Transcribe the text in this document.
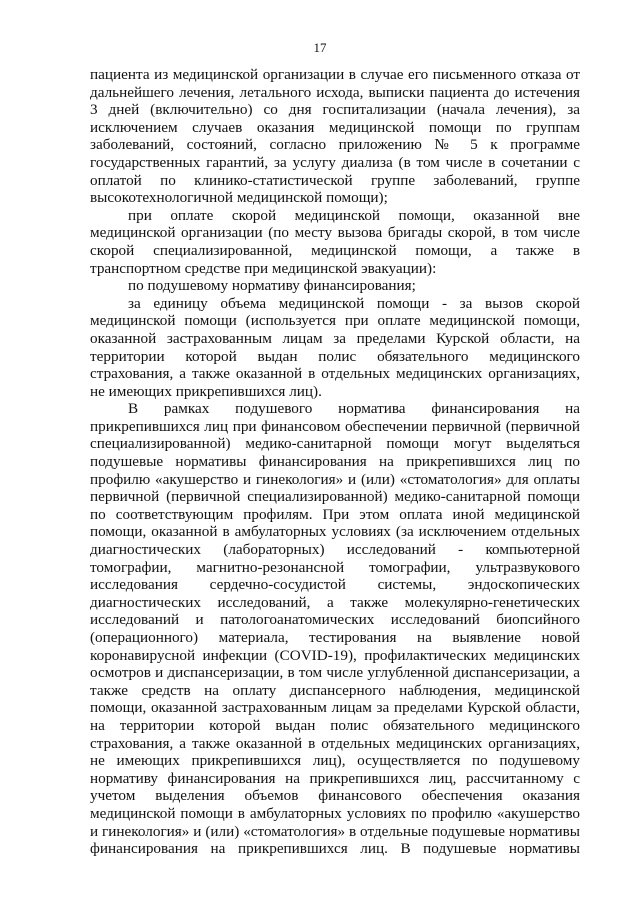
17

пациента из медицинской организации в случае его письменного отказа от дальнейшего лечения, летального исхода, выписки пациента до истечения 3 дней (включительно) со дня госпитализации (начала лечения), за исключением случаев оказания медицинской помощи по группам заболеваний, состояний, согласно приложению № 5 к программе государственных гарантий, за услугу диализа (в том числе в сочетании с оплатой по клинико-статистической группе заболеваний, группе высокотехнологичной медицинской помощи);

при оплате скорой медицинской помощи, оказанной вне медицинской организации (по месту вызова бригады скорой, в том числе скорой специализированной, медицинской помощи, а также в транспортном средстве при медицинской эвакуации):

по подушевому нормативу финансирования;

за единицу объема медицинской помощи - за вызов скорой медицинской помощи (используется при оплате медицинской помощи, оказанной застрахованным лицам за пределами Курской области, на территории которой выдан полис обязательного медицинского страхования, а также оказанной в отдельных медицинских организациях, не имеющих прикрепившихся лиц).

В рамках подушевого норматива финансирования на прикрепившихся лиц при финансовом обеспечении первичной (первичной специализированной) медико-санитарной помощи могут выделяться подушевые нормативы финансирования на прикрепившихся лиц по профилю «акушерство и гинекология» и (или) «стоматология» для оплаты первичной (первичной специализированной) медико-санитарной помощи по соответствующим профилям. При этом оплата иной медицинской помощи, оказанной в амбулаторных условиях (за исключением отдельных диагностических (лабораторных) исследований - компьютерной томографии, магнитно-резонансной томографии, ультразвукового исследования сердечно-сосудистой системы, эндоскопических диагностических исследований, а также молекулярно-генетических исследований и патологоанатомических исследований биопсийного (операционного) материала, тестирования на выявление новой коронавирусной инфекции (COVID-19), профилактических медицинских осмотров и диспансеризации, в том числе углубленной диспансеризации, а также средств на оплату диспансерного наблюдения, медицинской помощи, оказанной застрахованным лицам за пределами Курской области, на территории которой выдан полис обязательного медицинского страхования, а также оказанной в отдельных медицинских организациях, не имеющих прикрепившихся лиц), осуществляется по подушевому нормативу финансирования на прикрепившихся лиц, рассчитанному с учетом выделения объемов финансового обеспечения оказания медицинской помощи в амбулаторных условиях по профилю «акушерство и гинекология» и (или) «стоматология» в отдельные подушевые нормативы финансирования на прикрепившихся лиц. В подушевые нормативы
